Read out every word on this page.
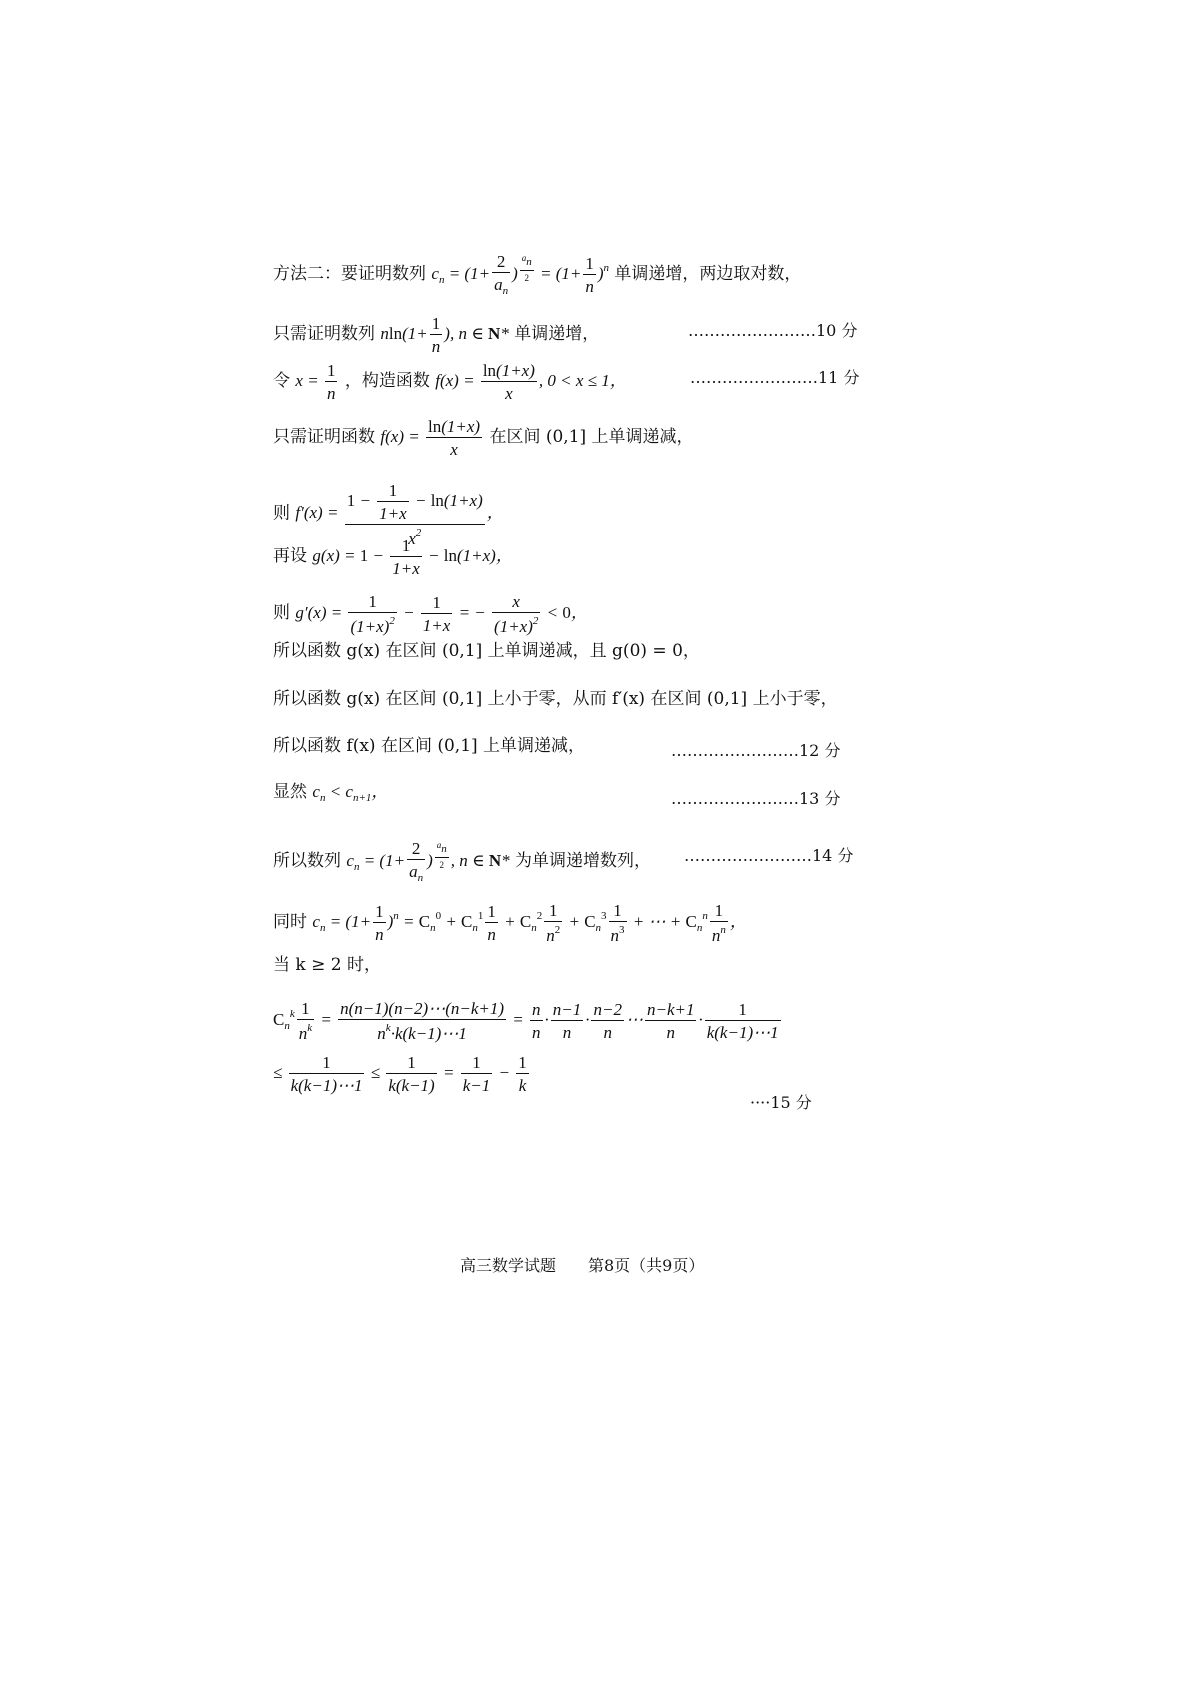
方法二：要证明数列 $c_n = (1+ \frac{2}{a_n}$ ) $^{\frac{a_n}{2}} = (1+ \frac{1}{n} )^n$ 单调递增，两边取对数，
只需证明数列 $nln(1+ \frac{1}{n}$ ), n ∈ N* 单调递增，	……………………10 分
令 $x = \frac{1}{n}$ ，构造函数 $f(x) = \frac{\ln(1+x)}{x}$ , 0 < x ≤ 1，	……………………11 分
只需证明函数 $f(x) = \frac{\ln(1+x)}{x}$ 在区间 (0,1] 上单调递减，
则 $f'(x) = \frac{1 - \frac{1}{1+x} - \ln(1+x)}{x^2}$ ，
再设 $g(x) = 1 - \frac{1}{1+x} - \ln(1+x)$，
则 $g'(x) = \frac{1}{(1+x)^2} - \frac{1}{1+x}$ = − $\frac{x}{(1+x)^2} < 0$，
所以函数 g(x) 在区间 (0,1] 上单调递减，且 g(0) = 0，
所以函数 g(x) 在区间 (0,1] 上小于零，从而 f′(x) 在区间 (0,1] 上小于零，
所以函数 f(x) 在区间 (0,1] 上单调递减，	……………………12 分
显然 $c_n < c_{n+1}$，	……………………13 分
所以数列 $c_n = (1+ \frac{2}{a_n}$ ) $^{\frac{a_n}{2}}$ , n ∈ N* 为单调递增数列， ……………………14 分
同时 $c_n = (1+ \frac{1}{n} )^n = C_n^0 + C_n^1 \frac{1}{n} + C_n^2 \frac{1}{n^2} + C_n^3 \frac{1}{n^3}$ + ⋯ + $C_n^n \frac{1}{n^n}$ ，
当 k ≥ 2 时，
$C_n^k \frac{1}{n^k} = \frac{n(n-1)(n-2)\cdots(n-k+1)}{n^k\cdot k(k-1)\cdots 1} = \frac{n}{n} \cdot \frac{n-1}{n} \cdot \frac{n-2}{n}$ ⋯ $\frac{n-k+1}{n} \cdot \frac{1}{k(k-1)\cdots 1}$
≤ $\frac{1}{k(k-1)\cdots 1} \le \frac{1}{k(k-1)} = \frac{1}{k-1} - \frac{1}{k}$
····15 分
高三数学试题　　第8页（共9页）
